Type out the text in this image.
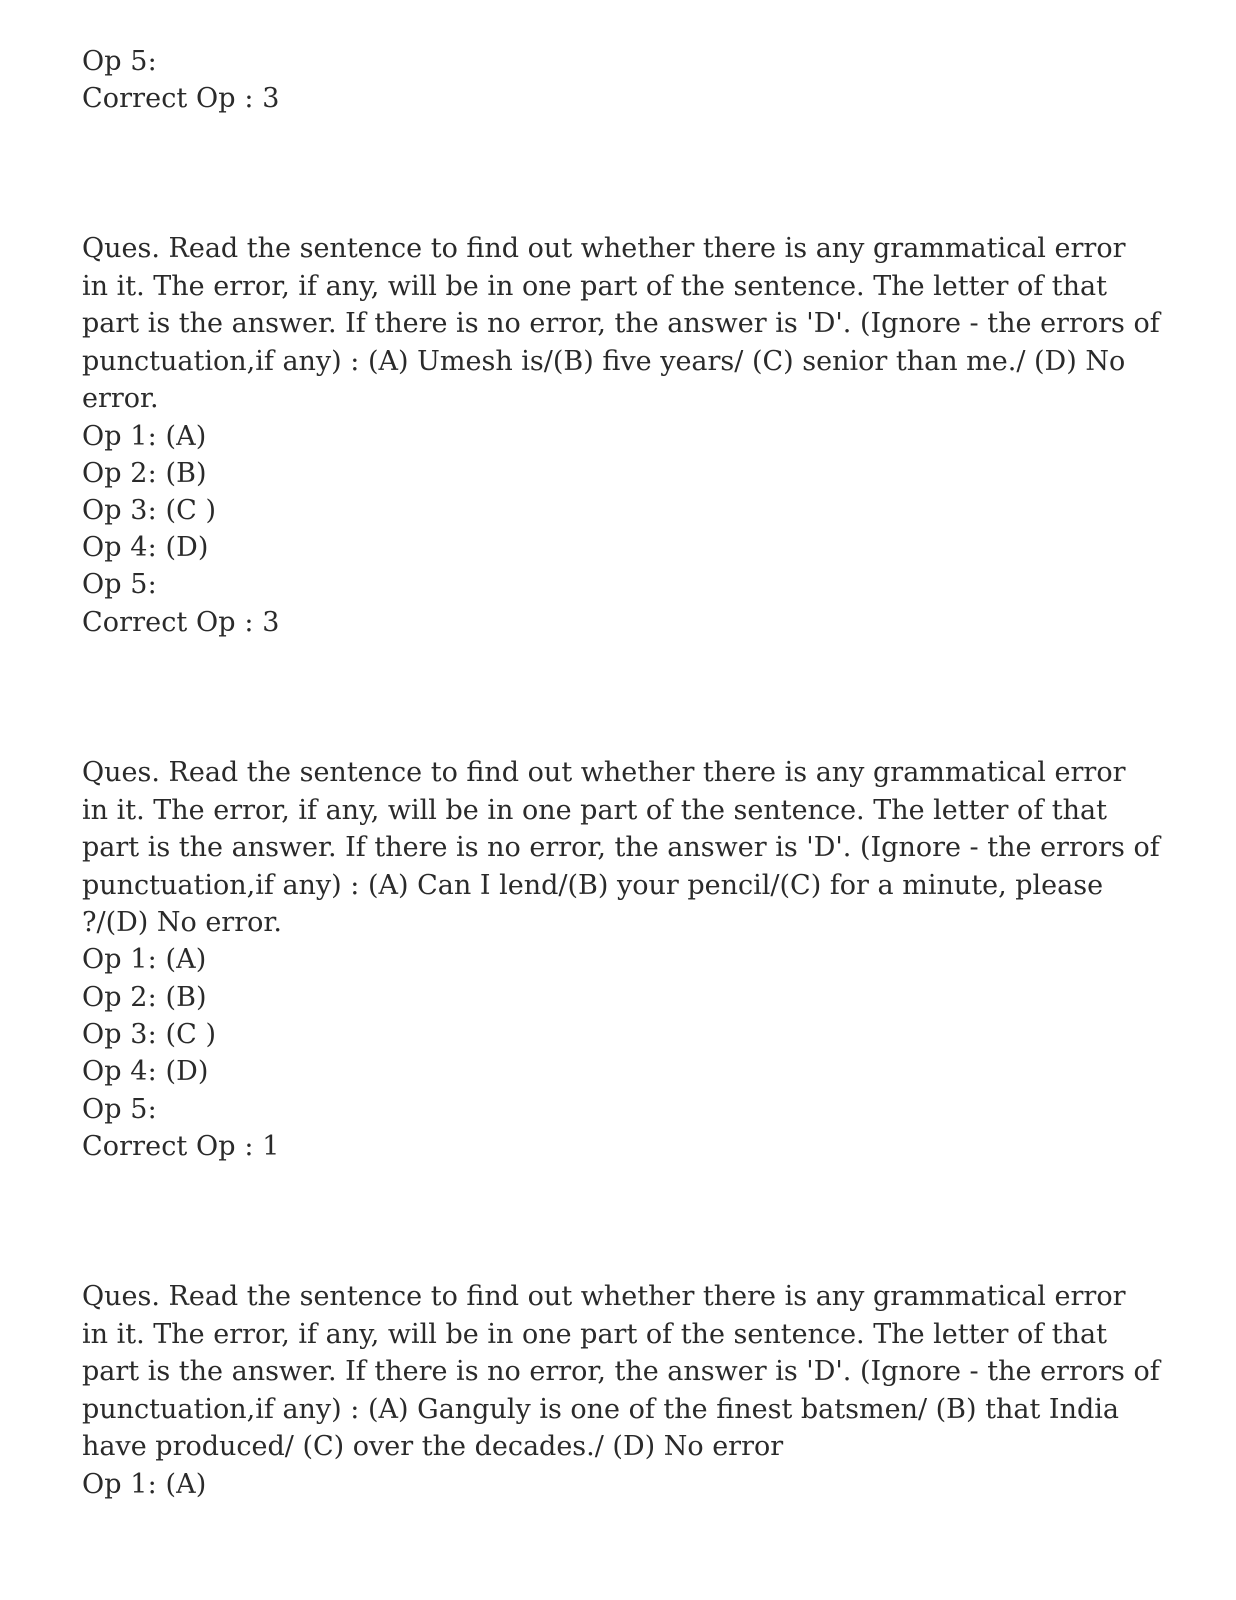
Op 5:
Correct Op : 3
Ques. Read the sentence to find out whether there is any grammatical error
in it. The error, if any, will be in one part of the sentence. The letter of that
part is the answer. If there is no error, the answer is 'D'. (Ignore - the errors of
punctuation,if any) : (A) Umesh is/(B) five years/ (C) senior than me./ (D) No
error.
Op 1: (A)
Op 2: (B)
Op 3: (C )
Op 4: (D)
Op 5:
Correct Op : 3
Ques. Read the sentence to find out whether there is any grammatical error
in it. The error, if any, will be in one part of the sentence. The letter of that
part is the answer. If there is no error, the answer is 'D'. (Ignore - the errors of
punctuation,if any) : (A) Can I lend/(B) your pencil/(C) for a minute, please
?/(D) No error.
Op 1: (A)
Op 2: (B)
Op 3: (C )
Op 4: (D)
Op 5:
Correct Op : 1
Ques. Read the sentence to find out whether there is any grammatical error
in it. The error, if any, will be in one part of the sentence. The letter of that
part is the answer. If there is no error, the answer is 'D'. (Ignore - the errors of
punctuation,if any) : (A) Ganguly is one of the finest batsmen/ (B) that India
have produced/ (C) over the decades./ (D) No error
Op 1: (A)
